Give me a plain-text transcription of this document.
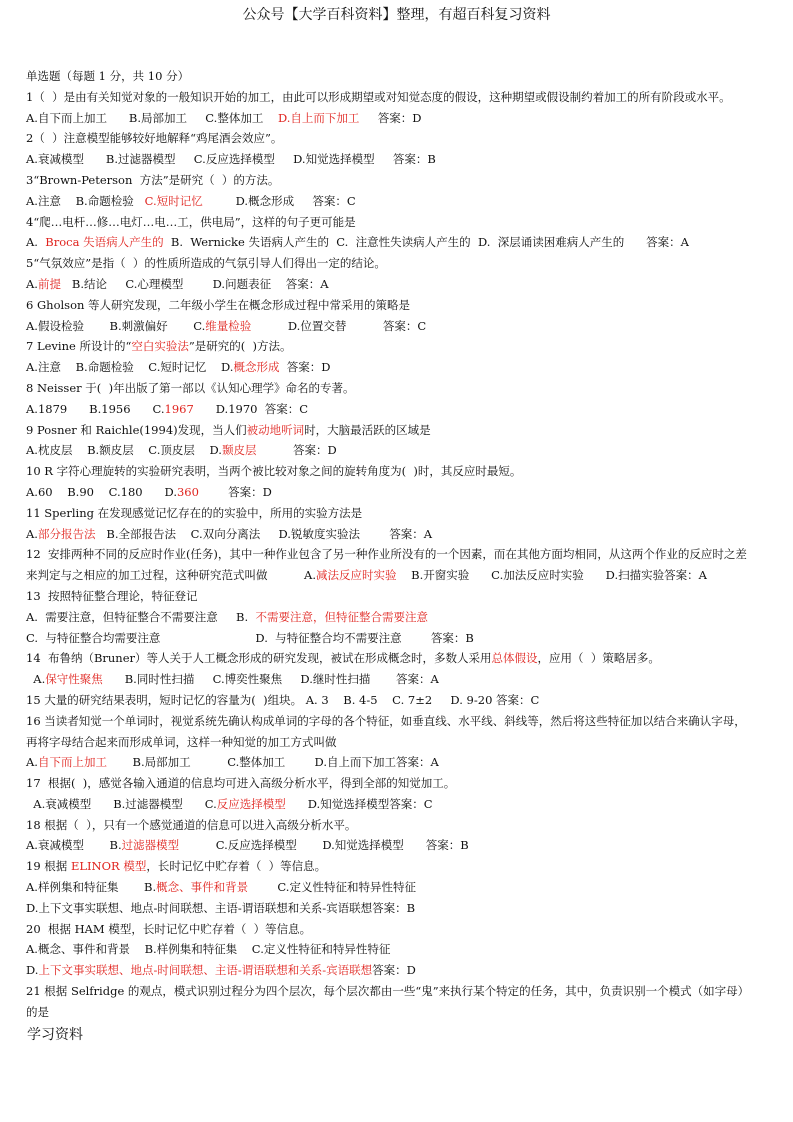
公众号【大学百科资料】整理，有超百科复习资料
单选题（每题 1 分，共 10 分）
1（  ）是由有关知觉对象的一般知识开始的加工，由此可以形成期望或对知觉态度的假设，这种期望或假设制约着加工的所有阶段或水平。
A.自下而上加工      B.局部加工     C.整体加工    D.自上而下加工     答案：D
2（  ）注意模型能够较好地解释“鸡尾酒会效应”。
A.衰减模型      B.过滤器模型     C.反应选择模型     D.知觉选择模型     答案：B
3“Brown-Peterson  方法”是研究（  ）的方法。
A.注意    B.命题检验   C.短时记忆         D.概念形成     答案：C
4“爬…电杆…修…电灯…电…工，供电局”，这样的句子更可能是
A.  Broca 失语病人产生的  B.  Wernicke 失语病人产生的  C.  注意性失读病人产生的  D.  深层诵读困难病人产生的      答案：A
5“气氛效应”是指（  ）的性质所造成的气氛引导人们得出一定的结论。
A.前提   B.结论     C.心理模型        D.问题表征    答案：A
6 Gholson 等人研究发现，二年级小学生在概念形成过程中常采用的策略是
A.假设检验       B.刺激偏好       C.维量检验          D.位置交替          答案：C
7 Levine 所设计的“空白实验法”是研究的(  )方法。
A.注意    B.命题检验    C.短时记忆    D.概念形成  答案：D
8 Neisser 于(  )年出版了第一部以《认知心理学》命名的专著。
A.1879      B.1956      C.1967      D.1970  答案：C
9 Posner 和 Raichle(1994)发现，当人们被动地听词时，大脑最活跃的区域是
A.枕皮层    B.额皮层    C.顶皮层    D.颞皮层          答案：D
10 R 字符心理旋转的实验研究表明，当两个被比较对象之间的旋转角度为(  )时，其反应时最短。
A.60    B.90    C.180      D.360        答案：D
11 Sperling 在发现感觉记忆存在的的实验中，所用的实验方法是
A.部分报告法   B.全部报告法    C.双向分离法     D.锐敏度实验法        答案：A
12  安排两种不同的反应时作业(任务)，其中一种作业包含了另一种作业所没有的一个因素，而在其他方面均相同，从这两个作业的反应时之差
来判定与之相应的加工过程，这种研究范式叫做          A.减法反应时实验    B.开窗实验      C.加法反应时实验      D.扫描实验答案：A
13  按照特征整合理论，特征登记
A.  需要注意，但特征整合不需要注意     B.  不需要注意，但特征整合需要注意
C.  与特征整合均需要注意                          D.  与特征整合均不需要注意        答案：B
14  布鲁纳（Bruner）等人关于人工概念形成的研究发现，被试在形成概念时，多数人采用总体假设，应用（  ）策略居多。
A.保守性聚焦      B.同时性扫描     C.博奕性聚焦     D.继时性扫描       答案：A
15 大量的研究结果表明，短时记忆的容量为(  )组块。 A. 3    B. 4-5    C. 7±2     D. 9-20 答案：C
16 当读者知觉一个单词时，视觉系统先确认构成单词的字母的各个特征，如垂直线、水平线、斜线等，然后将这些特征加以结合来确认字母，
再将字母结合起来而形成单词，这样一种知觉的加工方式叫做
A.自下而上加工       B.局部加工          C.整体加工        D.自上而下加工答案：A
17  根据(  )，感觉各输入通道的信息均可进入高级分析水平，得到全部的知觉加工。
A.衰减模型      B.过滤器模型      C.反应选择模型      D.知觉选择模型答案：C
18 根据（  ），只有一个感觉通道的信息可以进入高级分析水平。
A.衰减模型       B.过滤器模型          C.反应选择模型       D.知觉选择模型      答案：B
19 根据 ELINOR 模型，长时记忆中贮存着（  ）等信息。
A.样例集和特征集       B.概念、事件和背景        C.定义性特征和特异性特征
D.上下文事实联想、地点-时间联想、主语-谓语联想和关系-宾语联想答案：B
20  根据 HAM 模型，长时记忆中贮存着（  ）等信息。
A.概念、事件和背景    B.样例集和特征集    C.定义性特征和特异性特征
D.上下文事实联想、地点-时间联想、主语-谓语联想和关系-宾语联想答案：D
21 根据 Selfridge 的观点，模式识别过程分为四个层次，每个层次都由一些“鬼”来执行某个特定的任务，其中，负责识别一个模式（如字母）
的是
学习资料
